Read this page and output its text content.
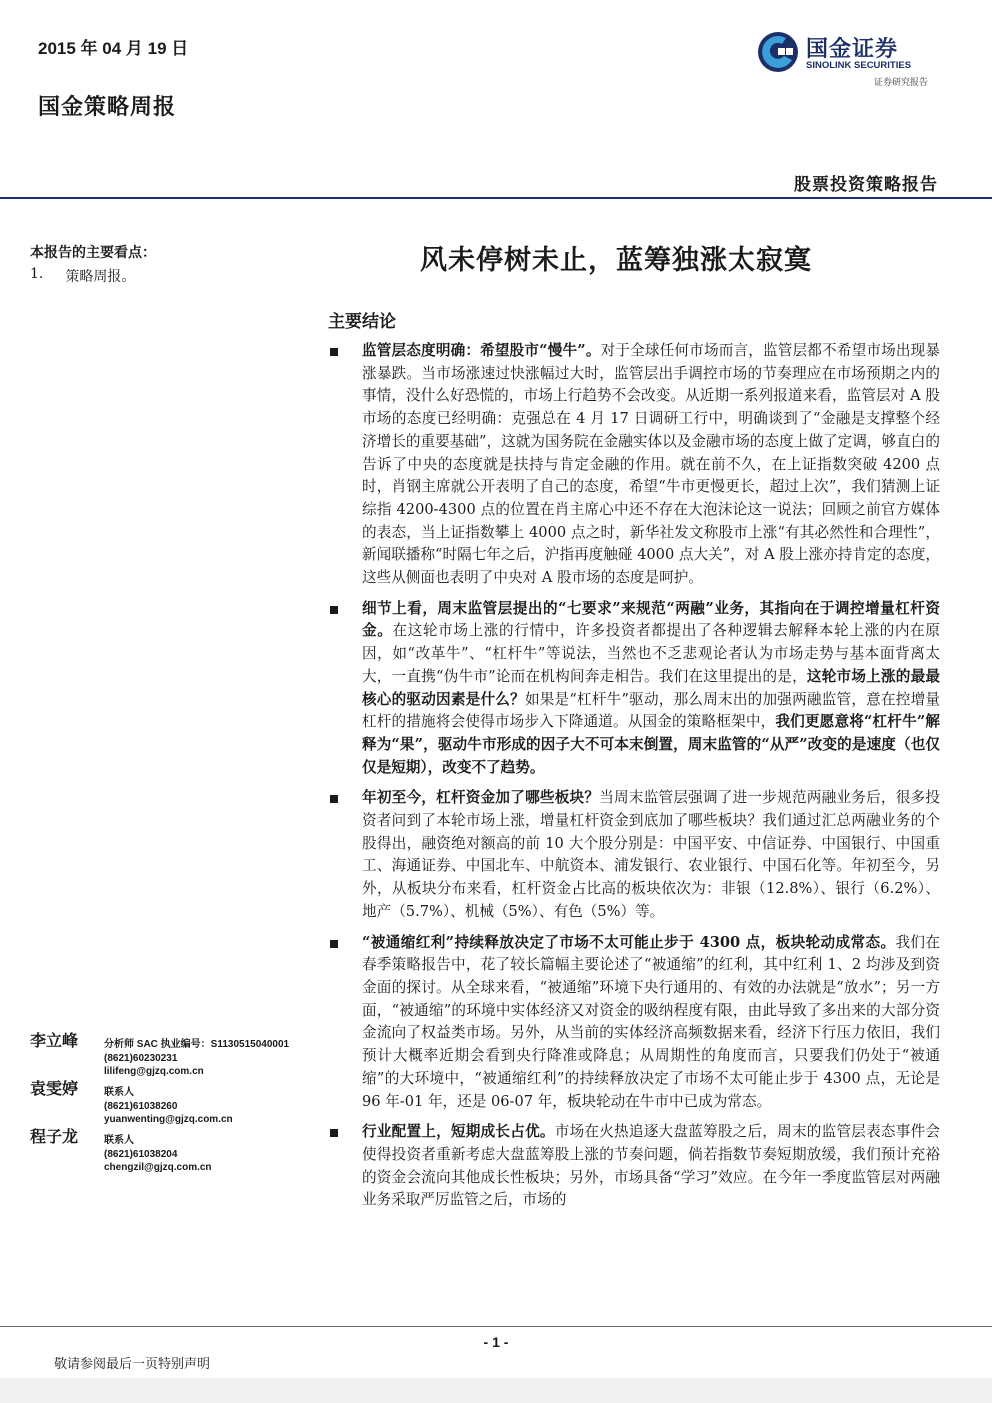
2015 年 04 月 19 日
国金策略周报
国金证券
SINOLINK SECURITIES
证券研究报告
股票投资策略报告
本报告的主要看点：
1. 策略周报。
风未停树未止，蓝筹独涨太寂寞
主要结论
监管层态度明确：希望股市“慢牛”。对于全球任何市场而言，监管层都不希望市场出现暴涨暴跌。当市场涨速过快涨幅过大时，监管层出手调控市场的节奏理应在市场预期之内的事情，没什么好恐慌的，市场上行趋势不会改变。从近期一系列报道来看，监管层对 A 股市场的态度已经明确：克强总在 4 月 17 日调研工行中，明确谈到了“金融是支撑整个经济增长的重要基础”，这就为国务院在金融实体以及金融市场的态度上做了定调，够直白的告诉了中央的态度就是扶持与肯定金融的作用。就在前不久，在上证指数突破 4200 点时，肖钢主席就公开表明了自己的态度，希望“牛市更慢更长，超过上次”，我们猜测上证综指 4200-4300 点的位置在肖主席心中还不存在大泡沫论这一说法；回顾之前官方媒体的表态，当上证指数攀上 4000 点之时，新华社发文称股市上涨“有其必然性和合理性”，新闻联播称“时隔七年之后，沪指再度触碰 4000 点大关”，对 A 股上涨亦持肯定的态度，这些从侧面也表明了中央对 A 股市场的态度是呵护。
细节上看，周末监管层提出的“七要求”来规范“两融”业务，其指向在于调控增量杠杆资金。在这轮市场上涨的行情中，许多投资者都提出了各种逻辑去解释本轮上涨的内在原因，如“改革牛”、“杠杆牛”等说法，当然也不乏悲观论者认为市场走势与基本面背离太大，一直携“伪牛市”论而在机构间奔走相告。我们在这里提出的是，这轮市场上涨的最最核心的驱动因素是什么？如果是“杠杆牛”驱动，那么周末出的加强两融监管，意在控增量杠杆的措施将会使得市场步入下降通道。从国金的策略框架中，我们更愿意将“杠杆牛”解释为“果”，驱动牛市形成的因子大不可本末倒置，周末监管的“从严”改变的是速度（也仅仅是短期），改变不了趋势。
年初至今，杠杆资金加了哪些板块？当周末监管层强调了进一步规范两融业务后，很多投资者问到了本轮市场上涨，增量杠杆资金到底加了哪些板块？我们通过汇总两融业务的个股得出，融资绝对额高的前 10 大个股分别是：中国平安、中信证券、中国银行、中国重工、海通证券、中国北车、中航资本、浦发银行、农业银行、中国石化等。年初至今，另外，从板块分布来看，杠杆资金占比高的板块依次为：非银（12.8%）、银行（6.2%）、地产（5.7%）、机械（5%）、有色（5%）等。
“被通缩红利”持续释放决定了市场不太可能止步于 4300 点，板块轮动成常态。我们在春季策略报告中，花了较长篇幅主要论述了“被通缩”的红利，其中红利 1、2 均涉及到资金面的探讨。从全球来看，“被通缩”环境下央行通用的、有效的办法就是“放水”；另一方面，“被通缩”的环境中实体经济又对资金的吸纳程度有限，由此导致了多出来的大部分资金流向了权益类市场。另外，从当前的实体经济高频数据来看，经济下行压力依旧，我们预计大概率近期会看到央行降准或降息；从周期性的角度而言，只要我们仍处于“被通缩”的大环境中，“被通缩红利”的持续释放决定了市场不太可能止步于 4300 点，无论是 96 年-01 年，还是 06-07 年，板块轮动在牛市中已成为常态。
行业配置上，短期成长占优。市场在火热追逐大盘蓝筹股之后，周末的监管层表态事件会使得投资者重新考虑大盘蓝筹股上涨的节奏问题，倘若指数节奏短期放缓，我们预计充裕的资金会流向其他成长性板块；另外，市场具备“学习”效应。在今年一季度监管层对两融业务采取严厉监管之后，市场的
李立峰	分析师 SAC 执业编号：S1130515040001
(8621)60230231
lilifeng@gjzq.com.cn
袁雯婷	联系人
(8621)61038260
yuanwenting@gjzq.com.cn
程子龙	联系人
(8621)61038204
chengzil@gjzq.com.cn
- 1 -
敬请参阅最后一页特别声明
